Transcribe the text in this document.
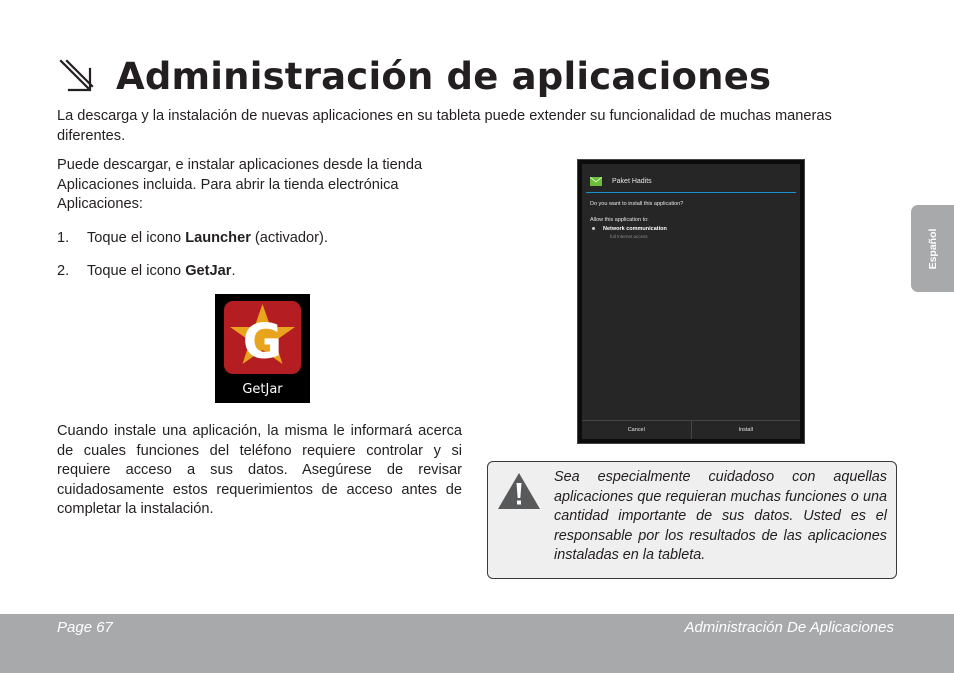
Administración de aplicaciones
La descarga y la instalación de nuevas aplicaciones en su tableta puede extender su funcionalidad de muchas maneras diferentes.
Puede descargar, e instalar aplicaciones desde la tienda Aplicaciones incluida. Para abrir la tienda electrónica Aplicaciones:
1. Toque el icono Launcher (activador).
2. Toque el icono GetJar.
G
GetJar
Cuando instale una aplicación, la misma le informará acerca de cuales funciones del teléfono requiere controlar y si requiere acceso a sus datos. Asegúrese de revisar cuidadosamente estos requerimientos de acceso antes de completar la instalación.
Paket Hadits
Do you want to install this application?
Allow this application to:
Network communication
full Internet access
Cancel	Install
Sea especialmente cuidadoso con aquellas aplicaciones que requieran muchas funciones o una cantidad importante de sus datos. Usted es el responsable por los resultados de las aplicaciones instaladas en la tableta.
Español
Page 67	Administración De Aplicaciones
